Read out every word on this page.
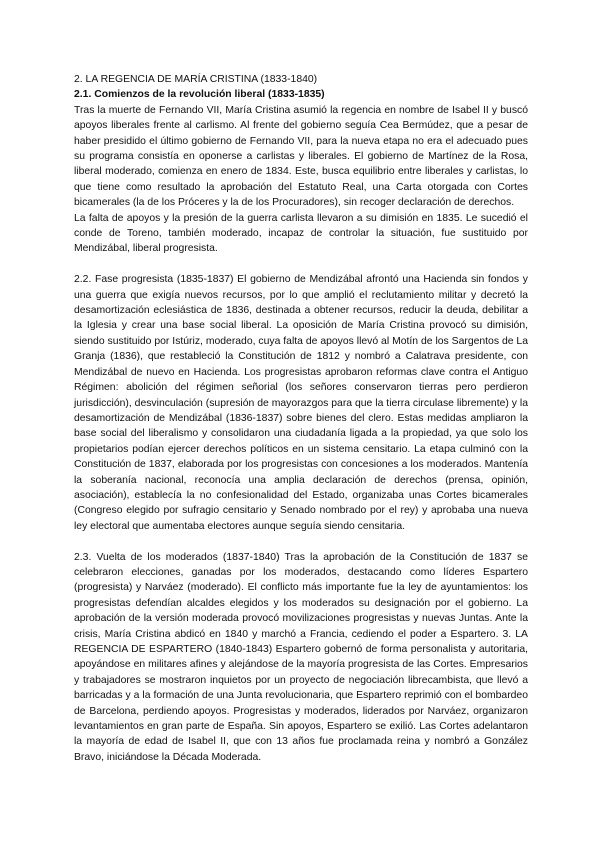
2. LA REGENCIA DE MARÍA CRISTINA (1833-1840)
2.1. Comienzos de la revolución liberal (1833-1835)

Tras la muerte de Fernando VII, María Cristina asumió la regencia en nombre de Isabel II y buscó apoyos liberales frente al carlismo. Al frente del gobierno seguía Cea Bermúdez, que a pesar de haber presidido el último gobierno de Fernando VII, para la nueva etapa no era el adecuado pues su programa consistía en oponerse a carlistas y liberales. El gobierno de Martínez de la Rosa, liberal moderado, comienza en enero de 1834. Este, busca equilibrio entre liberales y carlistas, lo que tiene como resultado la aprobación del Estatuto Real, una Carta otorgada con Cortes bicamerales (la de los Próceres y la de los Procuradores), sin recoger declaración de derechos.

La falta de apoyos y la presión de la guerra carlista llevaron a su dimisión en 1835. Le sucedió el conde de Toreno, también moderado, incapaz de controlar la situación, fue sustituido por Mendizábal, liberal progresista.

2.2. Fase progresista (1835-1837) El gobierno de Mendizábal afrontó una Hacienda sin fondos y una guerra que exigía nuevos recursos, por lo que amplió el reclutamiento militar y decretó la desamortización eclesiástica de 1836, destinada a obtener recursos, reducir la deuda, debilitar a la Iglesia y crear una base social liberal. La oposición de María Cristina provocó su dimisión, siendo sustituido por Istúriz, moderado, cuya falta de apoyos llevó al Motín de los Sargentos de La Granja (1836), que restableció la Constitución de 1812 y nombró a Calatrava presidente, con Mendizábal de nuevo en Hacienda. Los progresistas aprobaron reformas clave contra el Antiguo Régimen: abolición del régimen señorial (los señores conservaron tierras pero perdieron jurisdicción), desvinculación (supresión de mayorazgos para que la tierra circulase libremente) y la desamortización de Mendizábal (1836-1837) sobre bienes del clero. Estas medidas ampliaron la base social del liberalismo y consolidaron una ciudadanía ligada a la propiedad, ya que solo los propietarios podían ejercer derechos políticos en un sistema censitario. La etapa culminó con la Constitución de 1837, elaborada por los progresistas con concesiones a los moderados. Mantenía la soberanía nacional, reconocía una amplia declaración de derechos (prensa, opinión, asociación), establecía la no confesionalidad del Estado, organizaba unas Cortes bicamerales (Congreso elegido por sufragio censitario y Senado nombrado por el rey) y aprobaba una nueva ley electoral que aumentaba electores aunque seguía siendo censitaria.

2.3. Vuelta de los moderados (1837-1840) Tras la aprobación de la Constitución de 1837 se celebraron elecciones, ganadas por los moderados, destacando como líderes Espartero (progresista) y Narváez (moderado). El conflicto más importante fue la ley de ayuntamientos: los progresistas defendían alcaldes elegidos y los moderados su designación por el gobierno. La aprobación de la versión moderada provocó movilizaciones progresistas y nuevas Juntas. Ante la crisis, María Cristina abdicó en 1840 y marchó a Francia, cediendo el poder a Espartero. 3. LA REGENCIA DE ESPARTERO (1840-1843) Espartero gobernó de forma personalista y autoritaria, apoyándose en militares afines y alejándose de la mayoría progresista de las Cortes. Empresarios y trabajadores se mostraron inquietos por un proyecto de negociación librecambista, que llevó a barricadas y a la formación de una Junta revolucionaria, que Espartero reprimió con el bombardeo de Barcelona, perdiendo apoyos. Progresistas y moderados, liderados por Narváez, organizaron levantamientos en gran parte de España. Sin apoyos, Espartero se exilió. Las Cortes adelantaron la mayoría de edad de Isabel II, que con 13 años fue proclamada reina y nombró a González Bravo, iniciándose la Década Moderada.
